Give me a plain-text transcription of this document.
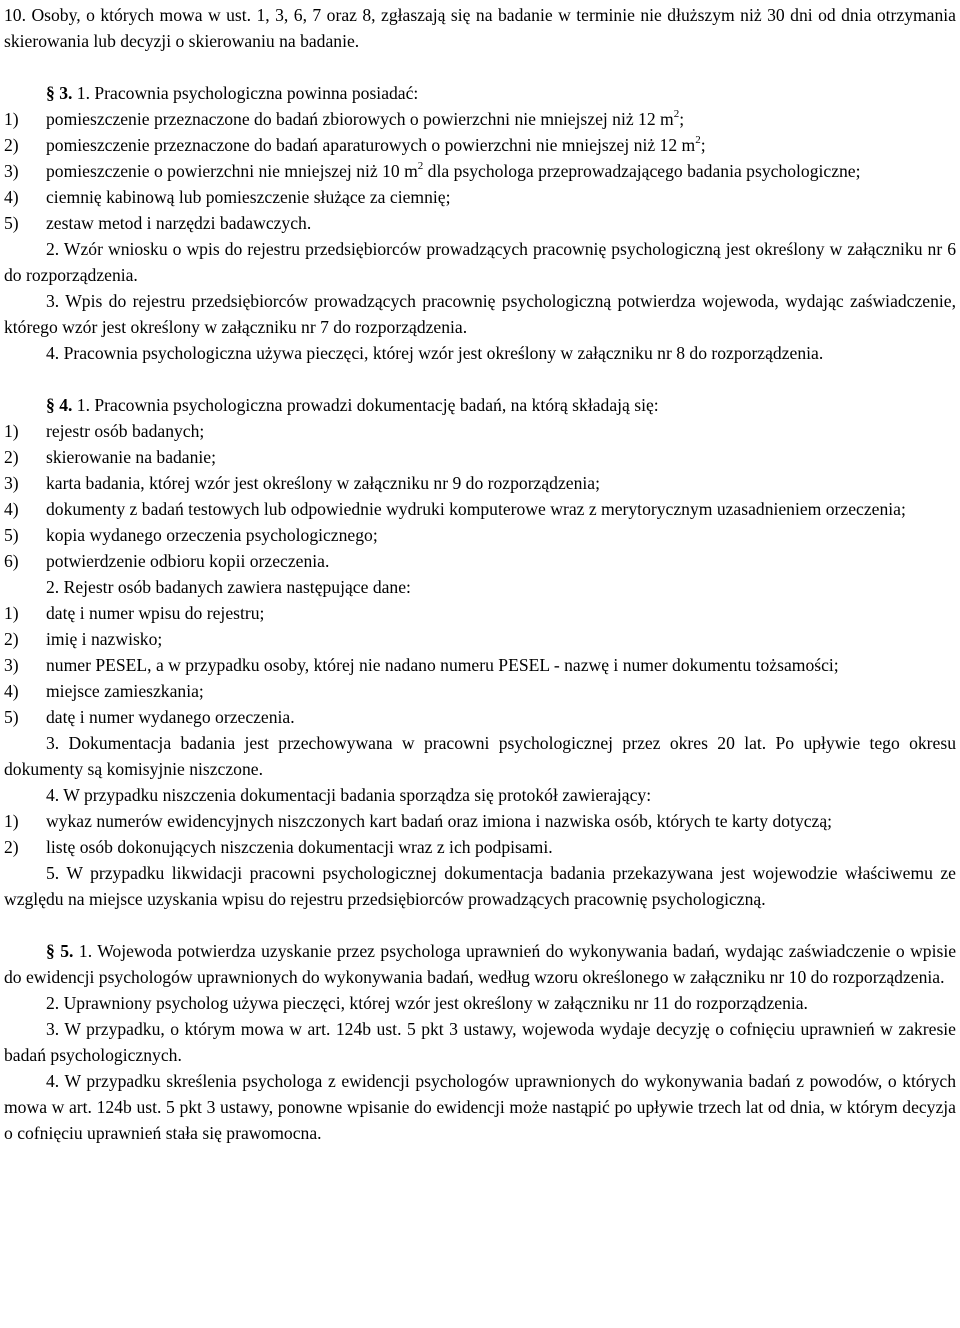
10. Osoby, o których mowa w ust. 1, 3, 6, 7 oraz 8, zgłaszają się na badanie w terminie nie dłuższym niż 30 dni od dnia otrzymania skierowania lub decyzji o skierowaniu na badanie.

§ 3. 1. Pracownia psychologiczna powinna posiadać:

1)	pomieszczenie przeznaczone do badań zbiorowych o powierzchni nie mniejszej niż 12 $m^2$;
2)	pomieszczenie przeznaczone do badań aparaturowych o powierzchni nie mniejszej niż 12 $m^2$;
3)	pomieszczenie o powierzchni nie mniejszej niż 10 $m^2$ dla psychologa przeprowadzającego badania psychologiczne;
4)	ciemnię kabinową lub pomieszczenie służące za ciemnię;
5)	zestaw metod i narzędzi badawczych.

2. Wzór wniosku o wpis do rejestru przedsiębiorców prowadzących pracownię psychologiczną jest określony w załączniku nr 6 do rozporządzenia.

3. Wpis do rejestru przedsiębiorców prowadzących pracownię psychologiczną potwierdza wojewoda, wydając zaświadczenie, którego wzór jest określony w załączniku nr 7 do rozporządzenia.

4. Pracownia psychologiczna używa pieczęci, której wzór jest określony w załączniku nr 8 do rozporządzenia.

§ 4. 1. Pracownia psychologiczna prowadzi dokumentację badań, na którą składają się:

1)	rejestr osób badanych;
2)	skierowanie na badanie;
3)	karta badania, której wzór jest określony w załączniku nr 9 do rozporządzenia;
4)	dokumenty z badań testowych lub odpowiednie wydruki komputerowe wraz z merytorycznym uzasadnieniem orzeczenia;
5)	kopia wydanego orzeczenia psychologicznego;
6)	potwierdzenie odbioru kopii orzeczenia.

2. Rejestr osób badanych zawiera następujące dane:

1)	datę i numer wpisu do rejestru;
2)	imię i nazwisko;
3)	numer PESEL, a w przypadku osoby, której nie nadano numeru PESEL - nazwę i numer dokumentu tożsamości;
4)	miejsce zamieszkania;
5)	datę i numer wydanego orzeczenia.

3. Dokumentacja badania jest przechowywana w pracowni psychologicznej przez okres 20 lat. Po upływie tego okresu dokumenty są komisyjnie niszczone.

4. W przypadku niszczenia dokumentacji badania sporządza się protokół zawierający:

1)	wykaz numerów ewidencyjnych niszczonych kart badań oraz imiona i nazwiska osób, których te karty dotyczą;
2)	listę osób dokonujących niszczenia dokumentacji wraz z ich podpisami.

5. W przypadku likwidacji pracowni psychologicznej dokumentacja badania przekazywana jest wojewodzie właściwemu ze względu na miejsce uzyskania wpisu do rejestru przedsiębiorców prowadzących pracownię psychologiczną.

§ 5. 1. Wojewoda potwierdza uzyskanie przez psychologa uprawnień do wykonywania badań, wydając zaświadczenie o wpisie do ewidencji psychologów uprawnionych do wykonywania badań, według wzoru określonego w załączniku nr 10 do rozporządzenia.

2. Uprawniony psycholog używa pieczęci, której wzór jest określony w załączniku nr 11 do rozporządzenia.

3. W przypadku, o którym mowa w art. 124b ust. 5 pkt 3 ustawy, wojewoda wydaje decyzję o cofnięciu uprawnień w zakresie badań psychologicznych.

4. W przypadku skreślenia psychologa z ewidencji psychologów uprawnionych do wykonywania badań z powodów, o których mowa w art. 124b ust. 5 pkt 3 ustawy, ponowne wpisanie do ewidencji może nastąpić po upływie trzech lat od dnia, w którym decyzja o cofnięciu uprawnień stała się prawomocna.
